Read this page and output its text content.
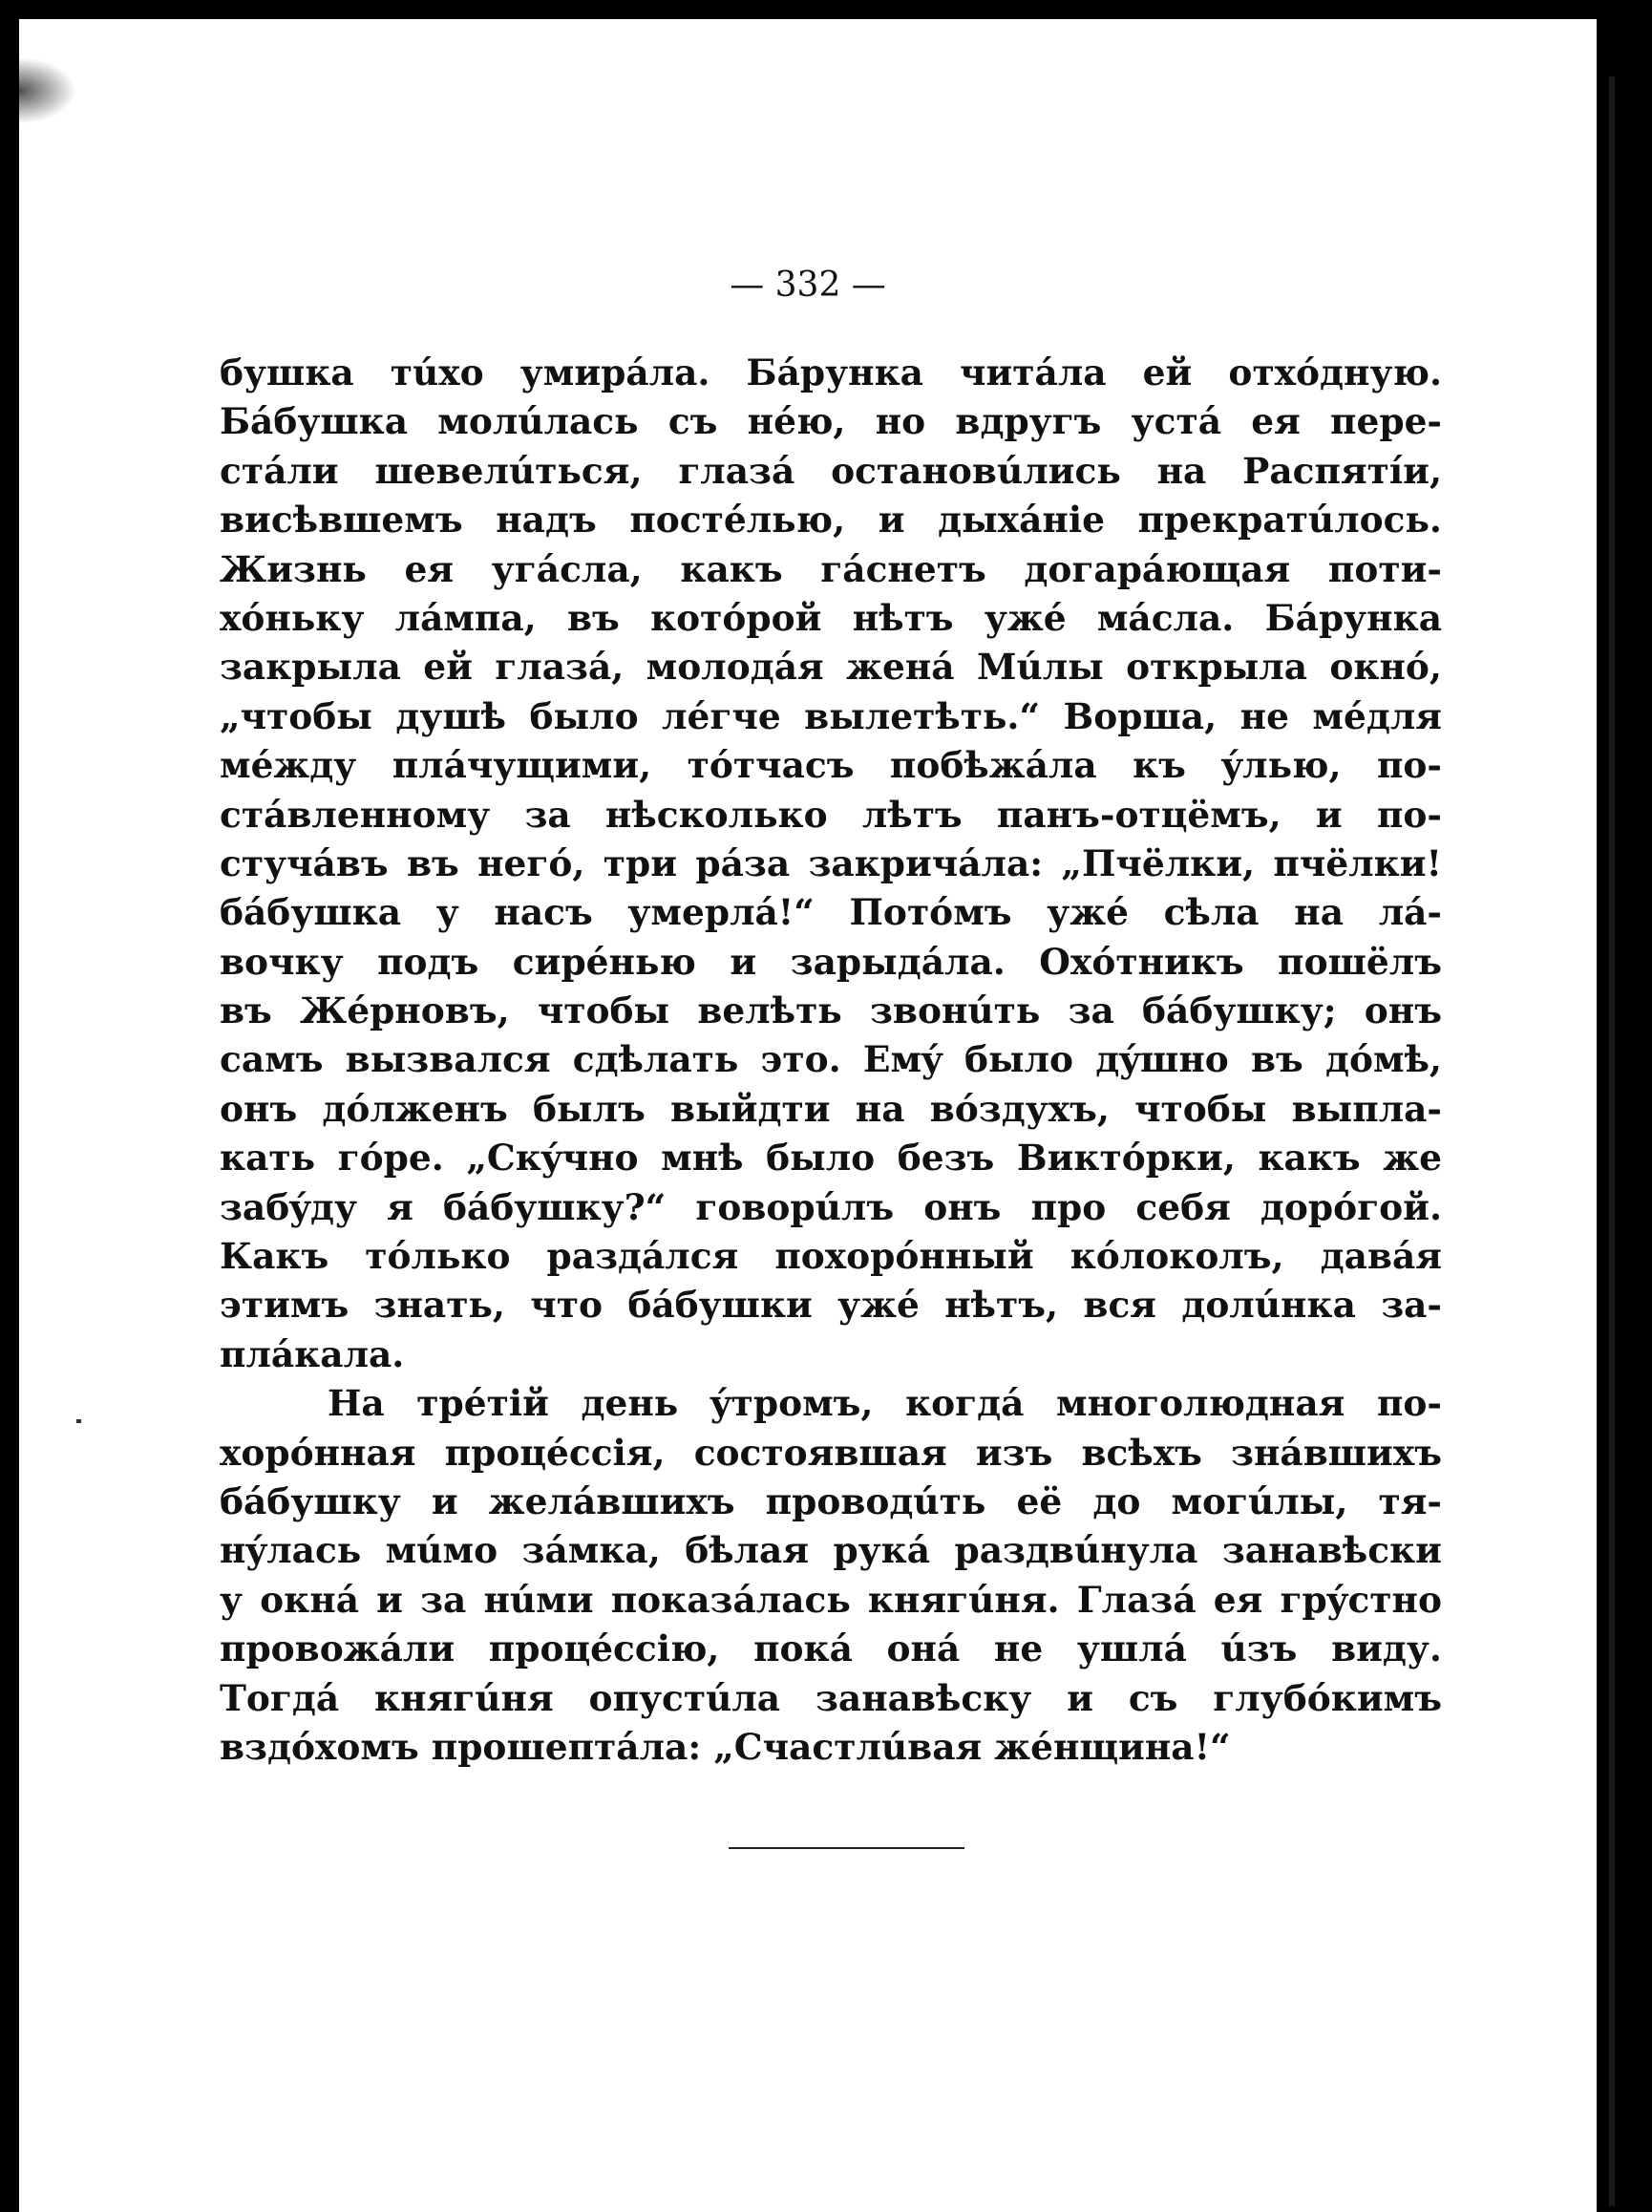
— 332 —
бушка тúхо умирáла. Бáрунка читáла ей отхóдную.
Бáбушка молúлась съ нéю, но вдругъ устá ея пере-
стáли шевелúться, глазá остановúлись на Распятíи,
висѣвшемъ надъ постéлью, и дыхáнiе прекратúлось.
Жизнь ея угáсла, какъ гáснетъ догарáющая поти-
хóньку лáмпа, въ котóрой нѣтъ ужé мáсла. Бáрунка
закрыла ей глазá, молодáя женá Мúлы открыла окнó,
„чтобы душѣ было лéгче вылетѣть.“ Ворша, не мéдля
мéжду плáчущими, тóтчасъ побѣжáла къ ýлью, по-
стáвленному за нѣсколько лѣтъ панъ-отцёмъ, и по-
стучáвъ въ негó, три рáза закричáла: „Пчёлки, пчёлки!
бáбушка у насъ умерлá!“ Потóмъ ужé сѣла на лá-
вочку подъ сирéнью и зарыдáла. Охóтникъ пошёлъ
въ Жéрновъ, чтобы велѣть звонúть за бáбушку; онъ
самъ вызвался сдѣлать это. Емý было дýшно въ дóмѣ,
онъ дóлженъ былъ выйдти на вóздухъ, чтобы выпла-
кать гóре. „Скýчно мнѣ было безъ Виктóрки, какъ же
забýду я бáбушку?“ говорúлъ онъ про себя дорóгой.
Какъ тóлько раздáлся похорóнный кóлоколъ, давáя
этимъ знать, что бáбушки ужé нѣтъ, вся долúнка за-
плáкала.
На трéтiй день ýтромъ, когдá многолюдная по-
хорóнная процéссiя, состоявшая изъ всѣхъ знáвшихъ
бáбушку и желáвшихъ проводúть её до могúлы, тя-
нýлась мúмо зáмка, бѣлая рукá раздвúнула занавѣски
у окнá и за нúми показáлась княгúня. Глазá ея грýстно
провожáли процéссiю, покá онá не ушлá úзъ виду.
Тогдá княгúня опустúла занавѣску и съ глубóкимъ
вздóхомъ прошептáла: „Счастлúвая жéнщина!“
